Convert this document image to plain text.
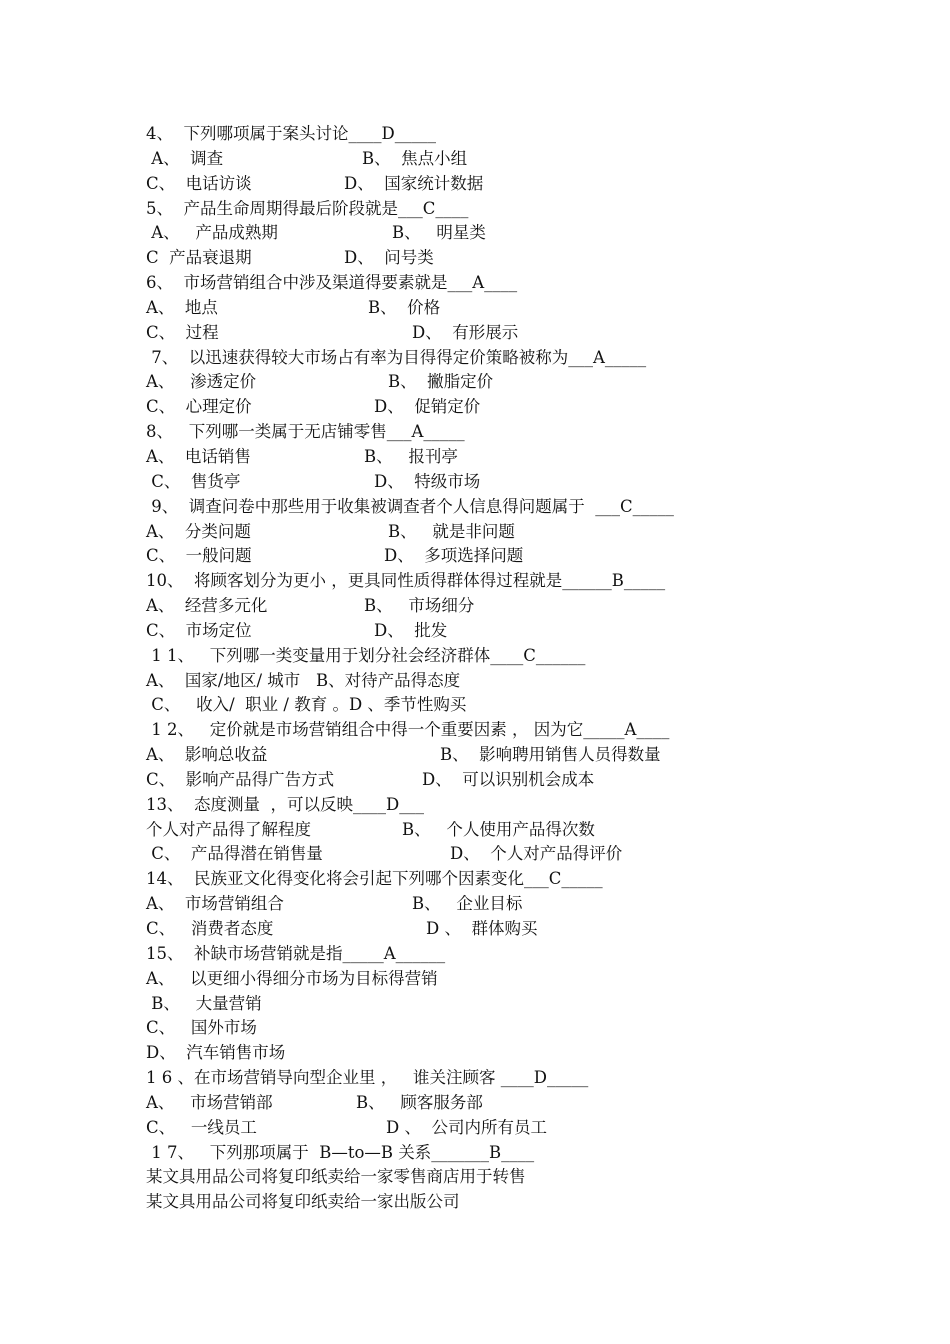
4、  下列哪项属于案头讨论____D_____
A、  调查	B、  焦点小组
C、  电话访谈	D、  国家统计数据
5、  产品生命周期得最后阶段就是___C____
A、   产品成熟期	B、   明星类
C  产品衰退期	D、  问号类
6、  市场营销组合中涉及渠道得要素就是___A____
A、  地点	B、  价格
C、  过程	D、  有形展示
7、  以迅速获得较大市场占有率为目得得定价策略被称为___A_____
A、   渗透定价	B、  撇脂定价
C、  心理定价	D、  促销定价
8、   下列哪一类属于无店铺零售___A_____
A、  电话销售	B、   报刊亭
C、  售货亭	D、  特级市场
9、  调查问卷中那些用于收集被调查者个人信息得问题属于  ___C_____
A、  分类问题	B、   就是非问题
C、  一般问题	D、  多项选择问题
10、  将顾客划分为更小 ，更具同性质得群体得过程就是______B_____
A、  经营多元化	B、   市场细分
C、  市场定位	D、  批发
1 1、   下列哪一类变量用于划分社会经济群体____C______
A、  国家/地区/ 城市   B、对待产品得态度
C、   收入/  职业 / 教育 。D 、季节性购买
1 2、   定价就是市场营销组合中得一个重要因素 ， 因为它_____A____
A、  影响总收益	B、  影响聘用销售人员得数量
C、  影响产品得广告方式	D、  可以识别机会成本
13、  态度测量  ，可以反映____D___
个人对产品得了解程度	B、   个人使用产品得次数
C、  产品得潜在销售量	D、  个人对产品得评价
14、  民族亚文化得变化将会引起下列哪个因素变化___C_____
A、  市场营销组合	B、   企业目标
C、   消费者态度	D 、  群体购买
15、  补缺市场营销就是指_____A______
A、   以更细小得细分市场为目标得营销
B、   大量营销
C、   国外市场
D、  汽车销售市场
1 6 、在市场营销导向型企业里 ，   谁关注顾客 ____D_____
A、   市场营销部	B、   顾客服务部
C、   一线员工	D 、  公司内所有员工
1 7、   下列那项属于  B—to—B 关系_______B____
某文具用品公司将复印纸卖给一家零售商店用于转售
某文具用品公司将复印纸卖给一家出版公司
